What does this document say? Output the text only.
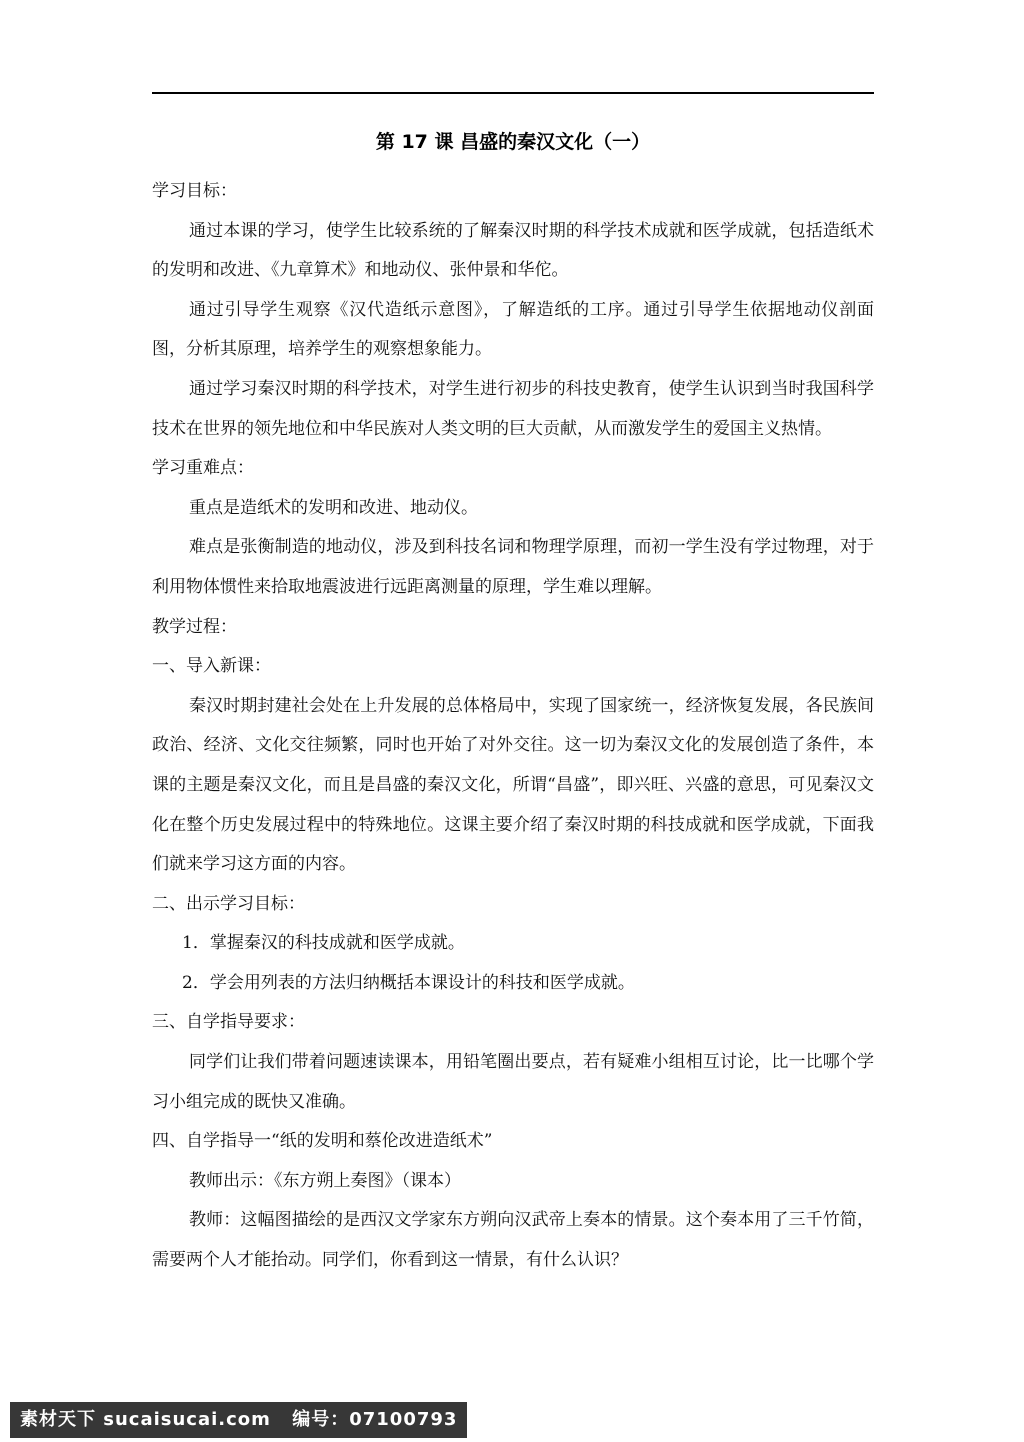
第 17 课 昌盛的秦汉文化（一）

学习目标：

通过本课的学习，使学生比较系统的了解秦汉时期的科学技术成就和医学成就，包括造纸术的发明和改进、《九章算术》和地动仪、张仲景和华佗。

通过引导学生观察《汉代造纸示意图》，了解造纸的工序。通过引导学生依据地动仪剖面图，分析其原理，培养学生的观察想象能力。

通过学习秦汉时期的科学技术，对学生进行初步的科技史教育，使学生认识到当时我国科学技术在世界的领先地位和中华民族对人类文明的巨大贡献，从而激发学生的爱国主义热情。

学习重难点：

重点是造纸术的发明和改进、地动仪。

难点是张衡制造的地动仪，涉及到科技名词和物理学原理，而初一学生没有学过物理，对于利用物体惯性来拾取地震波进行远距离测量的原理，学生难以理解。

教学过程：

一、导入新课：

秦汉时期封建社会处在上升发展的总体格局中，实现了国家统一，经济恢复发展，各民族间政治、经济、文化交往频繁，同时也开始了对外交往。这一切为秦汉文化的发展创造了条件，本课的主题是秦汉文化，而且是昌盛的秦汉文化，所谓“昌盛”，即兴旺、兴盛的意思，可见秦汉文化在整个历史发展过程中的特殊地位。这课主要介绍了秦汉时期的科技成就和医学成就，下面我们就来学习这方面的内容。

二、出示学习目标：

1．掌握秦汉的科技成就和医学成就。

2．学会用列表的方法归纳概括本课设计的科技和医学成就。

三、自学指导要求：

同学们让我们带着问题速读课本，用铅笔圈出要点，若有疑难小组相互讨论，比一比哪个学习小组完成的既快又准确。

四、自学指导一“纸的发明和蔡伦改进造纸术”

教师出示：《东方朔上奏图》（课本）

教师：这幅图描绘的是西汉文学家东方朔向汉武帝上奏本的情景。这个奏本用了三千竹简，需要两个人才能抬动。同学们，你看到这一情景，有什么认识？

素材天下 sucaisucai.com 编号：07100793
